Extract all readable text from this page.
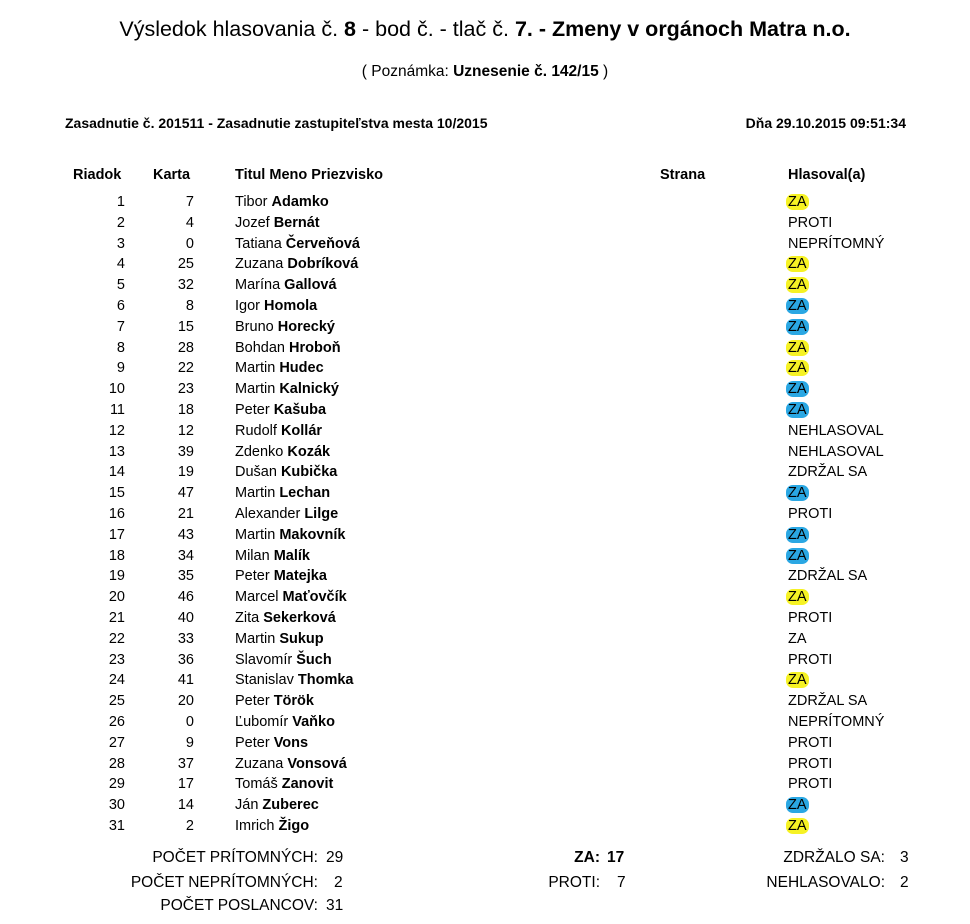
Výsledok hlasovania č. 8 - bod č. - tlač č. 7. - Zmeny v orgánoch Matra n.o.
( Poznámka: Uznesenie č. 142/15 )
Zasadnutie č. 201511 - Zasadnutie zastupiteľstva mesta 10/2015	Dňa 29.10.2015 09:51:34
Riadok Karta	Titul Meno Priezvisko	Strana	Hlasoval(a)
1	7	Tibor Adamko	ZA
2	4	Jozef Bernát	PROTI
3	0	Tatiana Červeňová	NEPRÍTOMNÝ
4	25	Zuzana Dobríková	ZA
5	32	Marína Gallová	ZA
6	8	Igor Homola	ZA
7	15	Bruno Horecký	ZA
8	28	Bohdan Hroboň	ZA
9	22	Martin Hudec	ZA
10	23	Martin Kalnický	ZA
11	18	Peter Kašuba	ZA
12	12	Rudolf Kollár	NEHLASOVAL
13	39	Zdenko Kozák	NEHLASOVAL
14	19	Dušan Kubička	ZDRŽAL SA
15	47	Martin Lechan	ZA
16	21	Alexander Lilge	PROTI
17	43	Martin Makovník	ZA
18	34	Milan Malík	ZA
19	35	Peter Matejka	ZDRŽAL SA
20	46	Marcel Maťovčík	ZA
21	40	Zita Sekerková	PROTI
22	33	Martin Sukup	ZA
23	36	Slavomír Šuch	PROTI
24	41	Stanislav Thomka	ZA
25	20	Peter Török	ZDRŽAL SA
26	0	Ľubomír Vaňko	NEPRÍTOMNÝ
27	9	Peter Vons	PROTI
28	37	Zuzana Vonsová	PROTI
29	17	Tomáš Zanovit	PROTI
30	14	Ján Zuberec	ZA
31	2	Imrich Žigo	ZA
POČET PRÍTOMNÝCH: 29
POČET NEPRÍTOMNÝCH: 2
POČET POSLANCOV: 31
ZA: 17
PROTI: 7
ZDRŽALO SA: 3
NEHLASOVALO: 2
